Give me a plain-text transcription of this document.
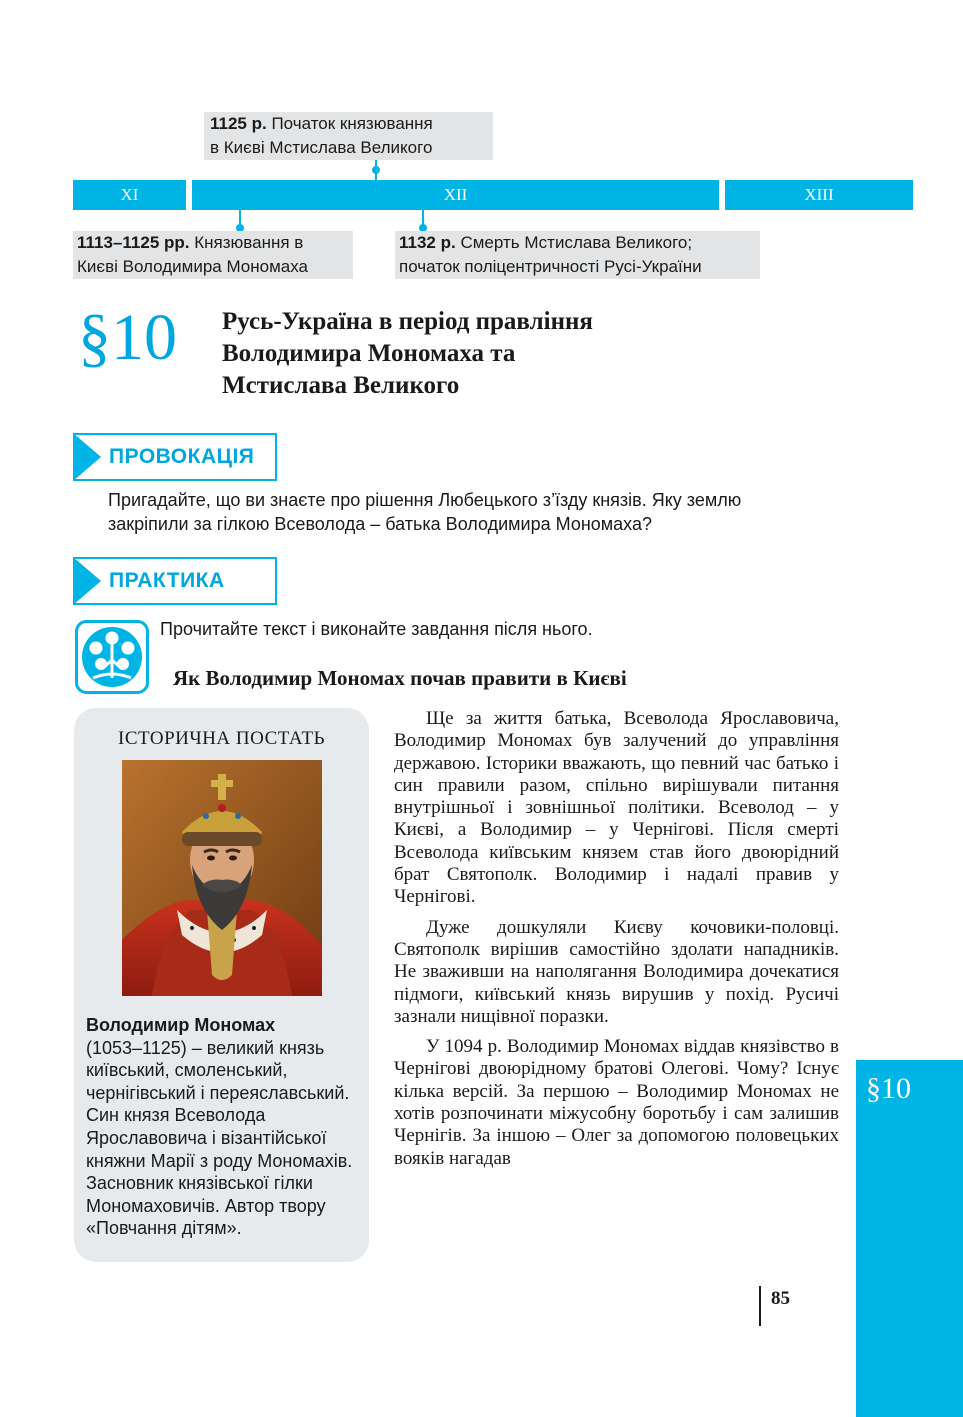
1125 р. Початок князювання
в Києві Мстислава Великого
XI	XII	XIII
1113–1125 рр. Князювання в
Києві Володимира Мономаха
1132 р. Смерть Мстислава Великого;
початок поліцентричності Русі-України
§10 Русь-Україна в період правління
Володимира Мономаха та
Мстислава Великого
ПРОВОКАЦІЯ
Пригадайте, що ви знаєте про рішення Любецького з’їзду князів. Яку землю
закріпили за гілкою Всеволода – батька Володимира Мономаха?
ПРАКТИКА
Прочитайте текст і виконайте завдання після нього.
Як Володимир Мономах почав правити в Києві
ІСТОРИЧНА ПОСТАТЬ
Володимир Мономах
(1053–1125) – великий князь київський, смоленський, чернігівський і переяславський. Син князя Всеволода Ярославовича і візантійської княжни Марії з роду Мономахів. Засновник князівської гілки Мономаховичів. Автор твору «Повчання дітям».

Ще за життя батька, Всеволода Ярославовича, Володимир Мономах був залучений до управління державою. Історики вважають, що певний час батько і син правили разом, спільно вирішували питання внутрішньої і зовнішньої політики. Всеволод – у Києві, а Володимир – у Чернігові. Після смерті Всеволода київським князем став його двоюрідний брат Святополк. Володимир і надалі правив у Чернігові.

Дуже дошкуляли Києву кочовики-половці. Святополк вирішив самостійно здолати нападників. Не зваживши на наполягання Володимира дочекатися підмоги, київський князь вирушив у похід. Русичі зазнали нищівної поразки.

У 1094 р. Володимир Мономах віддав князівство в Чернігові двоюрідному братові Олегові. Чому? Існує кілька версій. За першою – Володимир Мономах не хотів розпочинати міжусобну боротьбу і сам залишив Чернігів. За іншою – Олег за допомогою половецьких вояків нагадав

§10
85
